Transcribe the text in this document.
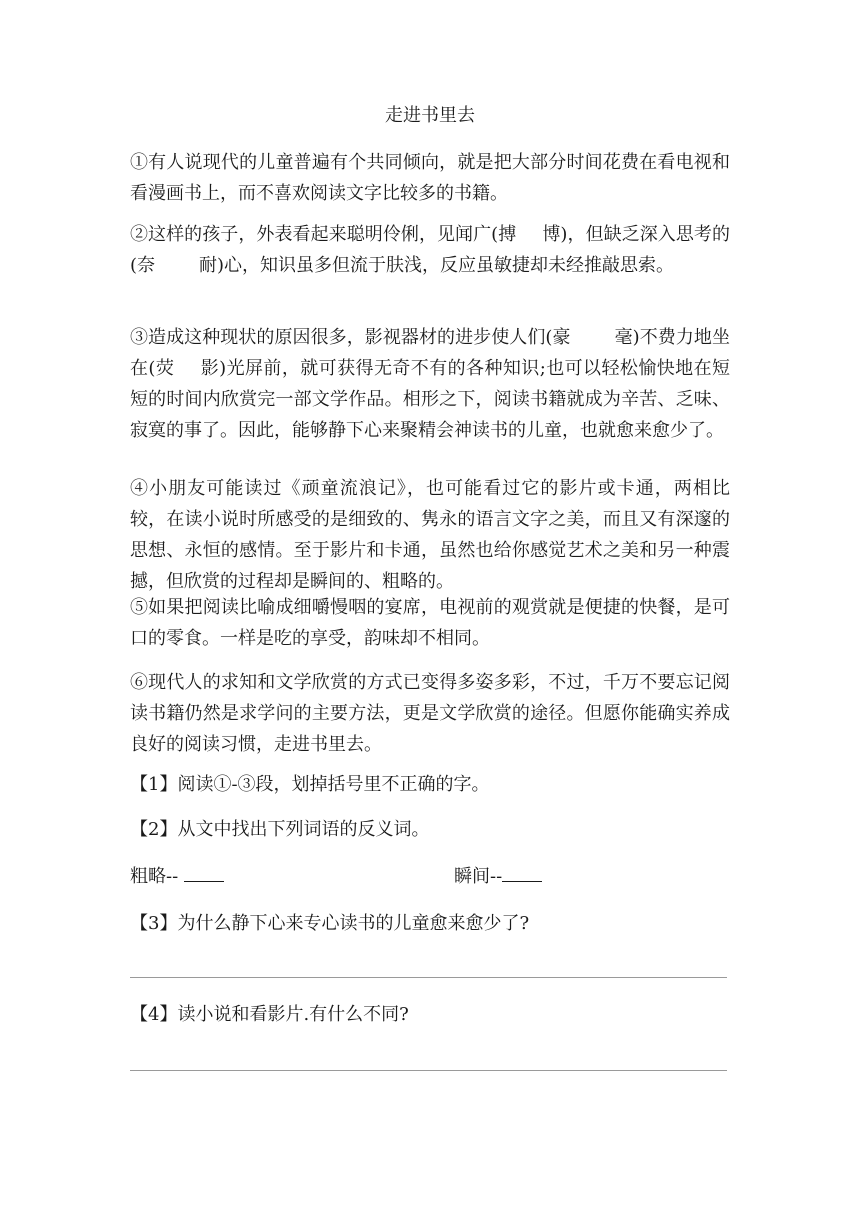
走进书里去
①有人说现代的儿童普遍有个共同倾向，就是把大部分时间花费在看电视和看漫画书上，而不喜欢阅读文字比较多的书籍。
②这样的孩子，外表看起来聪明伶俐，见闻广(搏 博)，但缺乏深入思考的(奈 耐)心，知识虽多但流于肤浅，反应虽敏捷却未经推敲思索。
③造成这种现状的原因很多，影视器材的进步使人们(豪 毫)不费力地坐在(荧 影)光屏前，就可获得无奇不有的各种知识;也可以轻松愉快地在短短的时间内欣赏完一部文学作品。相形之下，阅读书籍就成为辛苦、乏味、寂寞的事了。因此，能够静下心来聚精会神读书的儿童，也就愈来愈少了。
④小朋友可能读过《顽童流浪记》，也可能看过它的影片或卡通，两相比较，在读小说时所感受的是细致的、隽永的语言文字之美，而且又有深邃的思想、永恒的感情。至于影片和卡通，虽然也给你感觉艺术之美和另一种震撼，但欣赏的过程却是瞬间的、粗略的。
⑤如果把阅读比喻成细嚼慢咽的宴席，电视前的观赏就是便捷的快餐，是可口的零食。一样是吃的享受，韵味却不相同。
⑥现代人的求知和文学欣赏的方式已变得多姿多彩，不过，千万不要忘记阅读书籍仍然是求学问的主要方法，更是文学欣赏的途径。但愿你能确实养成良好的阅读习惯，走进书里去。
【1】阅读①-③段，划掉括号里不正确的字。
【2】从文中找出下列词语的反义词。
粗略--	瞬间--
【3】为什么静下心来专心读书的儿童愈来愈少了?
【4】读小说和看影片.有什么不同?
